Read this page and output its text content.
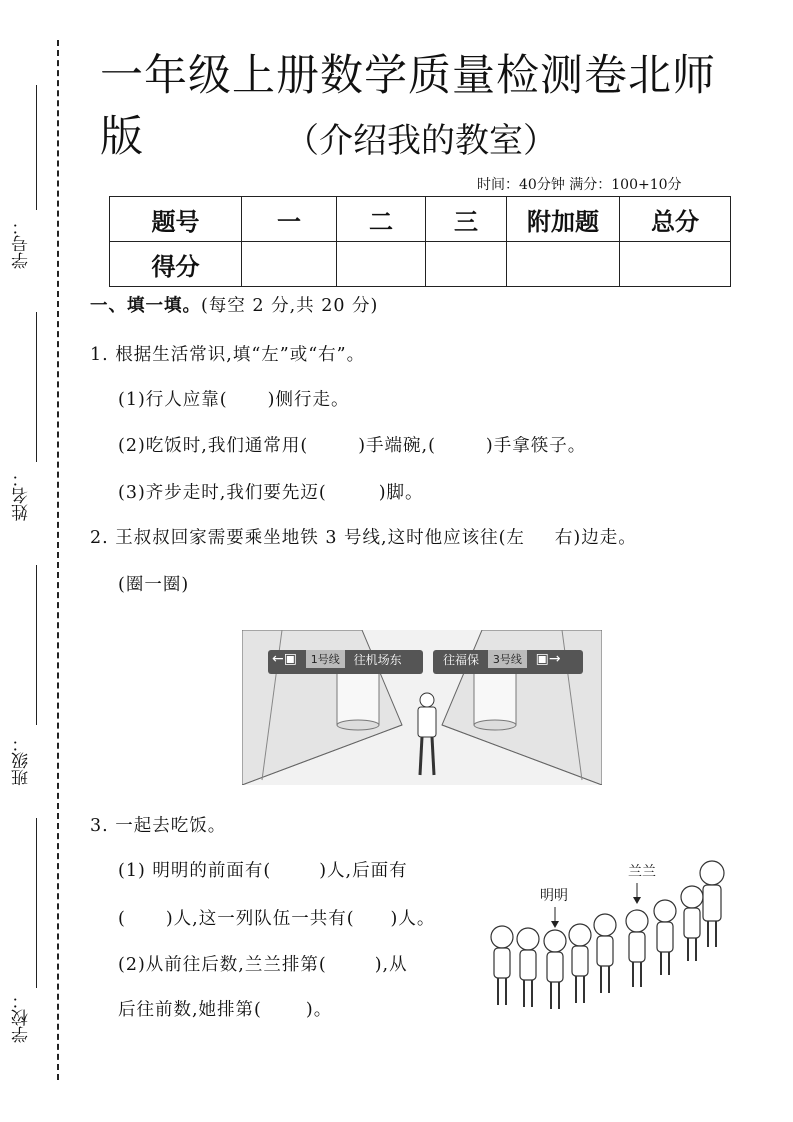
学号：
姓名：
班级：
学校：
一年级上册数学质量检测卷北师版	（介绍我的教室）
时间：40分钟 满分：100+10分
题号	一	二	三	附加题	总分
得分					
一、填一填。(每空 2 分,共 20 分)
1. 根据生活常识,填“左”或“右”。
(1)行人应靠( )侧行走。
(2)吃饭时,我们通常用(	)手端碗,(	)手拿筷子。
(3)齐步走时,我们要先迈(	)脚。
2. 王叔叔回家需要乘坐地铁 3 号线,这时他应该往(左 右)边走。
(圈一圈)
←▣ 1号线 往机场东	往福保 3号线 ▣→
3. 一起去吃饭。
(1) 明明的前面有(	)人,后面有
( )人,这一列队伍一共有( )人。
(2)从前往后数,兰兰排第(	),从
后往前数,她排第(	)。
明明
兰兰
